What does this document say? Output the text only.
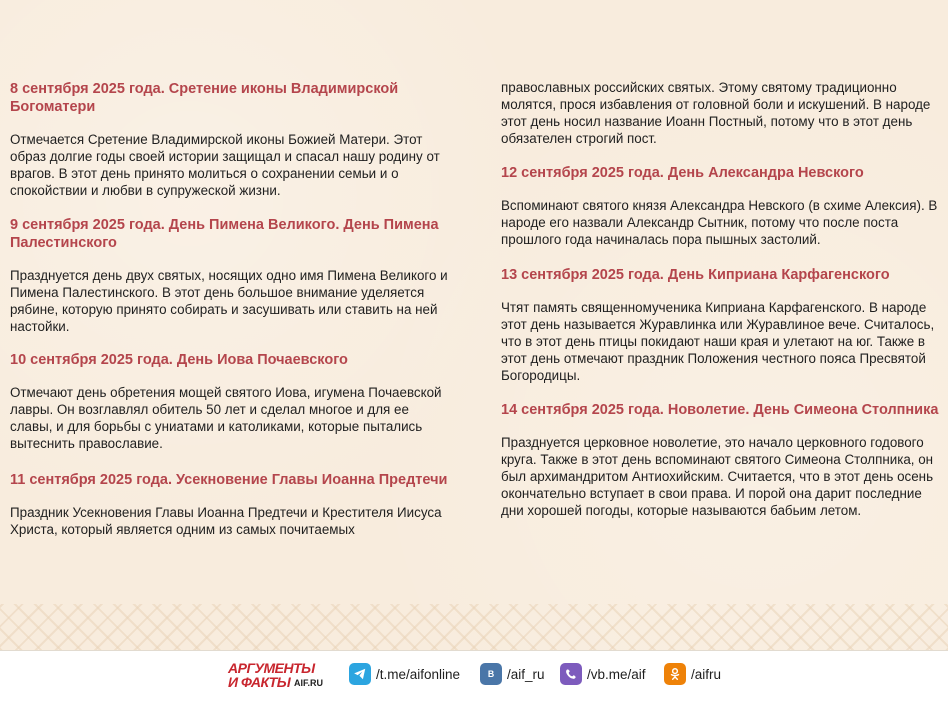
8 сентября 2025 года. Сретение иконы Владимирской Богоматери

Отмечается Сретение Владимирской иконы Божией Матери. Этот образ долгие годы своей истории защищал и спасал нашу родину от врагов. В этот день принято молиться о сохранении семьи и о спокойствии и любви в супружеской жизни.

9 сентября 2025 года. День Пимена Великого. День Пимена Палестинского

Празднуется день двух святых, носящих одно имя Пимена Великого и Пимена Палестинского. В этот день большое внимание уделяется рябине, которую принято собирать и засушивать или ставить на ней настойки.

10 сентября 2025 года. День Иова Почаевского

Отмечают день обретения мощей святого Иова, игумена Почаевской лавры. Он возглавлял обитель 50 лет и сделал многое и для ее славы, и для борьбы с униатами и католиками, которые пытались вытеснить православие.

11 сентября 2025 года. Усекновение Главы Иоанна Предтечи

Праздник Усекновения Главы Иоанна Предтечи и Крестителя Иисуса Христа, который является одним из самых почитаемых

православных российских святых. Этому святому традиционно молятся, прося избавления от головной боли и искушений. В народе этот день носил название Иоанн Постный, потому что в этот день обязателен строгий пост.

12 сентября 2025 года. День Александра Невского

Вспоминают святого князя Александра Невского (в схиме Алексия). В народе его назвали Александр Сытник, потому что после поста прошлого года начиналась пора пышных застолий.

13 сентября 2025 года. День Киприана Карфагенского

Чтят память священномученика Киприана Карфагенского. В народе этот день называется Журавлинка или Журавлиное вече. Считалось, что в этот день птицы покидают наши края и улетают на юг. Также в этот день отмечают праздник Положения честного пояса Пресвятой Богородицы.

14 сентября 2025 года. Новолетие. День Симеона Столпника

Празднуется церковное новолетие, это начало церковного годового круга. Также в этот день вспоминают святого Симеона Столпника, он был архимандритом Антиохийским. Считается, что в этот день осень окончательно вступает в свои права. И порой она дарит последние дни хорошей погоды, которые называются бабьим летом.

АРГУМЕНТЫ
И ФАКТЫ AIF.RU
/t.me/aifonline B /aif_ru	/vb.me/aif	/aifru
